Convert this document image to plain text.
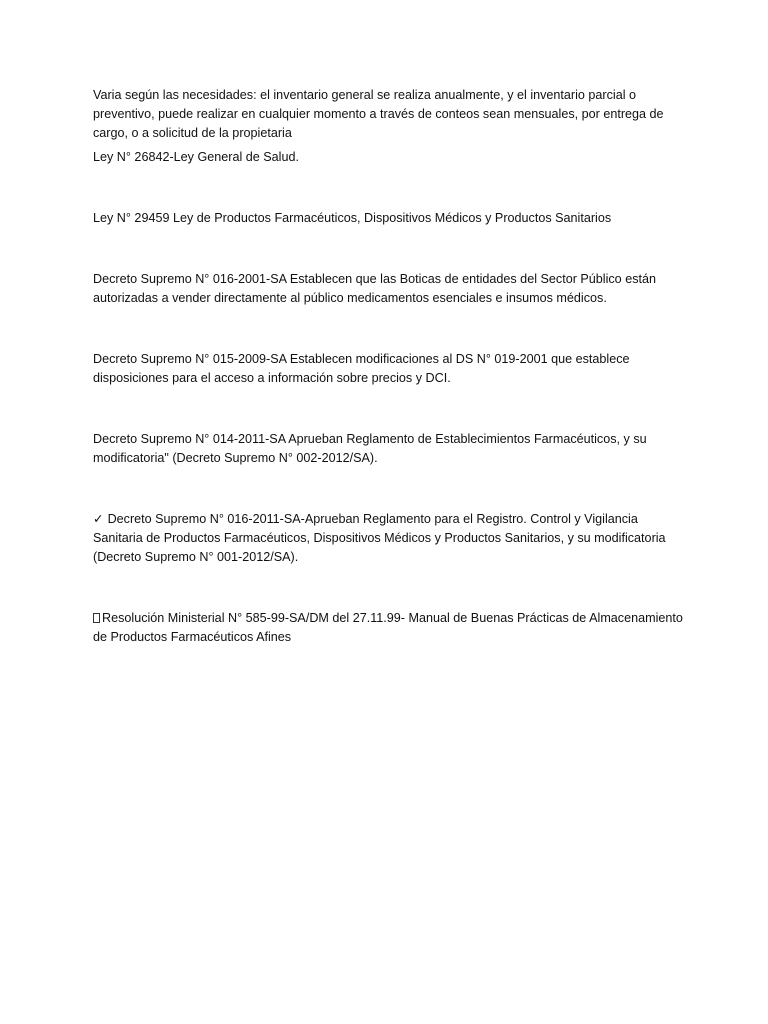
Varia según las necesidades: el inventario general se realiza anualmente, y el inventario parcial o preventivo, puede realizar en cualquier momento a través de conteos sean mensuales, por entrega de cargo, o a solicitud de la propietaria

Ley N° 26842-Ley General de Salud.

Ley N° 29459 Ley de Productos Farmacéuticos, Dispositivos Médicos y Productos Sanitarios

Decreto Supremo N° 016-2001-SA Establecen que las Boticas de entidades del Sector Público están autorizadas a vender directamente al público medicamentos esenciales e insumos médicos.

Decreto Supremo N° 015-2009-SA Establecen modificaciones al DS N° 019-2001 que establece disposiciones para el acceso a información sobre precios y DCI.

Decreto Supremo N° 014-2011-SA Aprueban Reglamento de Establecimientos Farmacéuticos, y su modificatoria" (Decreto Supremo N° 002-2012/SA).

✓ Decreto Supremo N° 016-2011-SA-Aprueban Reglamento para el Registro. Control y Vigilancia Sanitaria de Productos Farmacéuticos, Dispositivos Médicos y Productos Sanitarios, y su modificatoria (Decreto Supremo N° 001-2012/SA).

Resolución Ministerial N° 585-99-SA/DM del 27.11.99- Manual de Buenas Prácticas de Almacenamiento de Productos Farmacéuticos Afines
